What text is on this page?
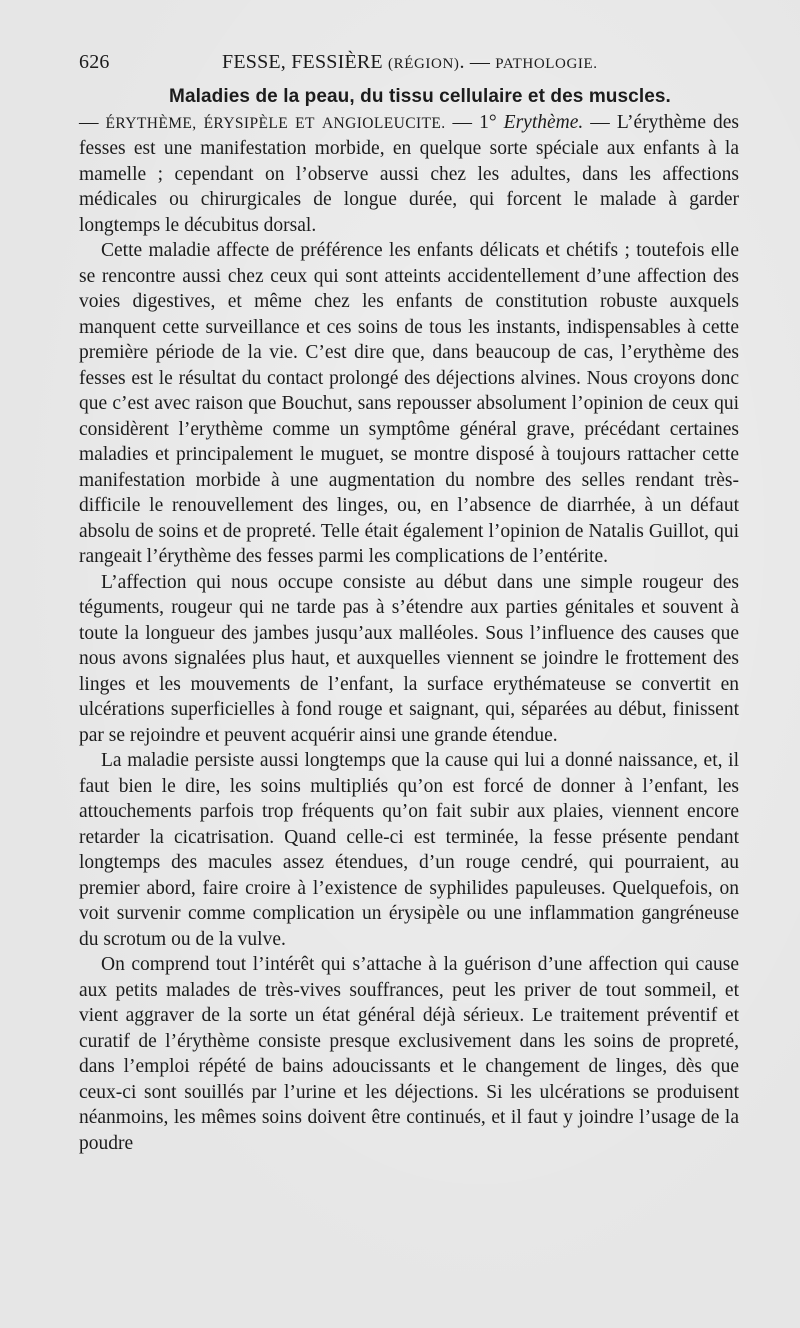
626	FESSE, FESSIÈRE (RÉGION). — PATHOLOGIE.

Maladies de la peau, du tissu cellulaire et des muscles.

— ÉRYTHÈME, ÉRYSIPÈLE ET ANGIOLEUCITE. — 1° Erythème. — L’érythème des fesses est une manifestation morbide, en quelque sorte spéciale aux enfants à la mamelle ; cependant on l’observe aussi chez les adultes, dans les affections médicales ou chirurgicales de longue durée, qui forcent le malade à garder longtemps le décubitus dorsal.

Cette maladie affecte de préférence les enfants délicats et chétifs ; toutefois elle se rencontre aussi chez ceux qui sont atteints accidentellement d’une affection des voies digestives, et même chez les enfants de constitution robuste auxquels manquent cette surveillance et ces soins de tous les instants, indispensables à cette première période de la vie. C’est dire que, dans beaucoup de cas, l’erythème des fesses est le résultat du contact prolongé des déjections alvines. Nous croyons donc que c’est avec raison que Bouchut, sans repousser absolument l’opinion de ceux qui considèrent l’erythème comme un symptôme général grave, précédant certaines maladies et principalement le muguet, se montre disposé à toujours rattacher cette manifestation morbide à une augmentation du nombre des selles rendant très-difficile le renouvellement des linges, ou, en l’absence de diarrhée, à un défaut absolu de soins et de propreté. Telle était également l’opinion de Natalis Guillot, qui rangeait l’érythème des fesses parmi les complications de l’entérite.

L’affection qui nous occupe consiste au début dans une simple rougeur des téguments, rougeur qui ne tarde pas à s’étendre aux parties génitales et souvent à toute la longueur des jambes jusqu’aux malléoles. Sous l’influence des causes que nous avons signalées plus haut, et auxquelles viennent se joindre le frottement des linges et les mouvements de l’enfant, la surface erythémateuse se convertit en ulcérations superficielles à fond rouge et saignant, qui, séparées au début, finissent par se rejoindre et peuvent acquérir ainsi une grande étendue.

La maladie persiste aussi longtemps que la cause qui lui a donné naissance, et, il faut bien le dire, les soins multipliés qu’on est forcé de donner à l’enfant, les attouchements parfois trop fréquents qu’on fait subir aux plaies, viennent encore retarder la cicatrisation. Quand celle-ci est terminée, la fesse présente pendant longtemps des macules assez étendues, d’un rouge cendré, qui pourraient, au premier abord, faire croire à l’existence de syphilides papuleuses. Quelquefois, on voit survenir comme complication un érysipèle ou une inflammation gangréneuse du scrotum ou de la vulve.

On comprend tout l’intérêt qui s’attache à la guérison d’une affection qui cause aux petits malades de très-vives souffrances, peut les priver de tout sommeil, et vient aggraver de la sorte un état général déjà sérieux. Le traitement préventif et curatif de l’érythème consiste presque exclusivement dans les soins de propreté, dans l’emploi répété de bains adoucissants et le changement de linges, dès que ceux-ci sont souillés par l’urine et les déjections. Si les ulcérations se produisent néanmoins, les mêmes soins doivent être continués, et il faut y joindre l’usage de la poudre
